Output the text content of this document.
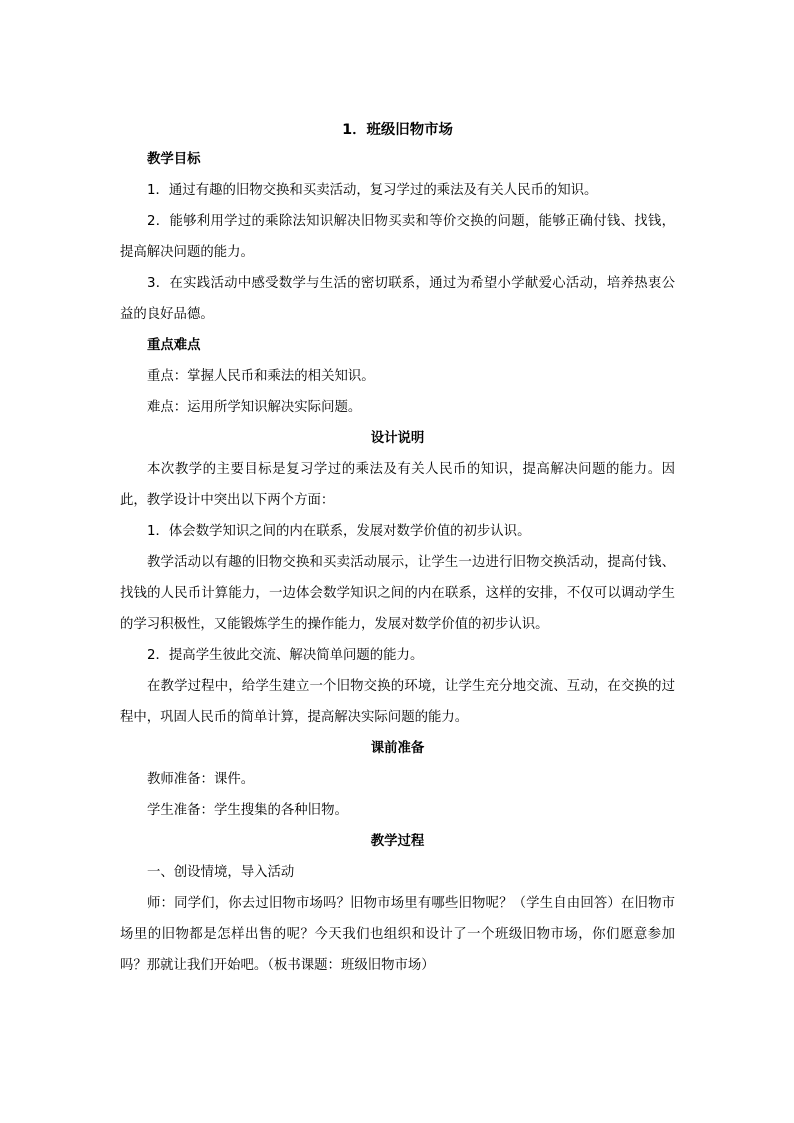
1．班级旧物市场
教学目标
1．通过有趣的旧物交换和买卖活动，复习学过的乘法及有关人民币的知识。
2．能够利用学过的乘除法知识解决旧物买卖和等价交换的问题，能够正确付钱、找钱，提高解决问题的能力。
3．在实践活动中感受数学与生活的密切联系，通过为希望小学献爱心活动，培养热衷公益的良好品德。
重点难点
重点：掌握人民币和乘法的相关知识。
难点：运用所学知识解决实际问题。
设计说明
本次教学的主要目标是复习学过的乘法及有关人民币的知识，提高解决问题的能力。因此，教学设计中突出以下两个方面：
1．体会数学知识之间的内在联系，发展对数学价值的初步认识。
教学活动以有趣的旧物交换和买卖活动展示，让学生一边进行旧物交换活动，提高付钱、找钱的人民币计算能力，一边体会数学知识之间的内在联系，这样的安排，不仅可以调动学生的学习积极性，又能锻炼学生的操作能力，发展对数学价值的初步认识。
2．提高学生彼此交流、解决简单问题的能力。
在教学过程中，给学生建立一个旧物交换的环境，让学生充分地交流、互动，在交换的过程中，巩固人民币的简单计算，提高解决实际问题的能力。
课前准备
教师准备：课件。
学生准备：学生搜集的各种旧物。
教学过程
一、创设情境，导入活动
师：同学们，你去过旧物市场吗？旧物市场里有哪些旧物呢？（学生自由回答）在旧物市场里的旧物都是怎样出售的呢？今天我们也组织和设计了一个班级旧物市场，你们愿意参加吗？那就让我们开始吧。（板书课题：班级旧物市场）
